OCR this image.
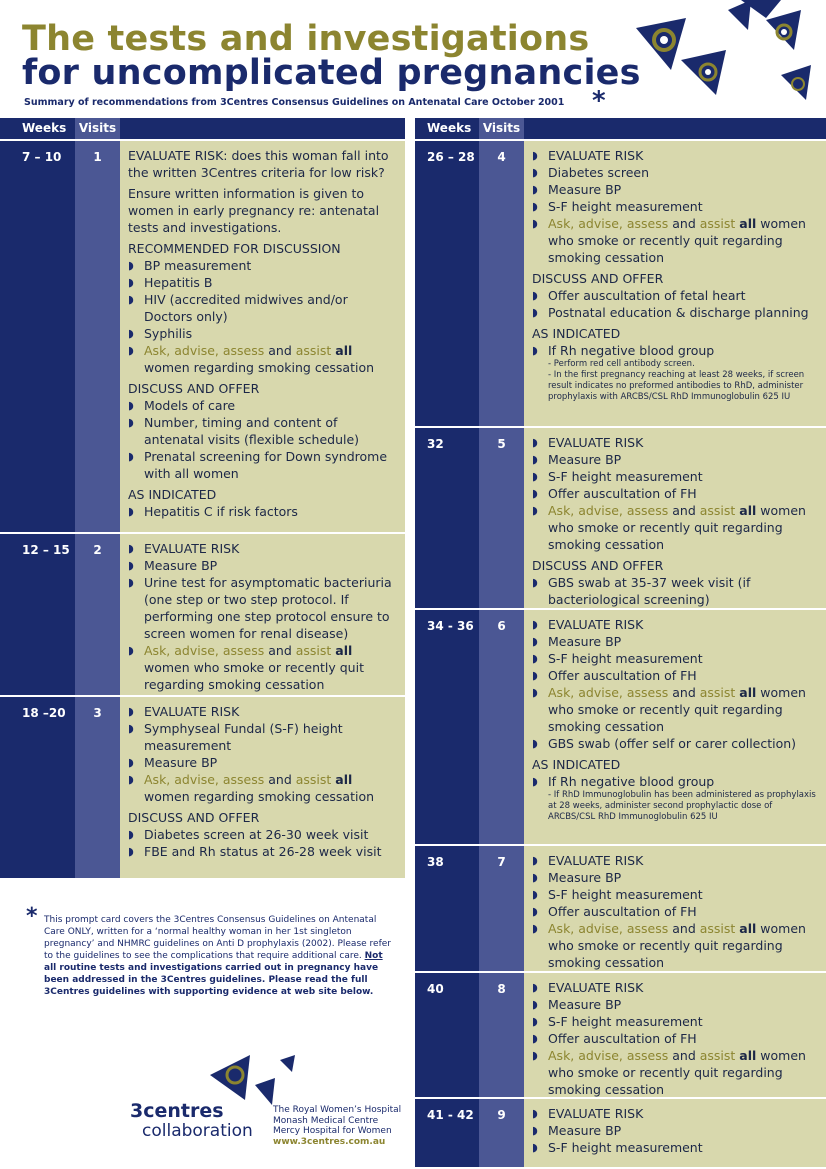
The tests and investigations
for uncomplicated pregnancies
Summary of recommendations from 3Centres Consensus Guidelines on Antenatal Care October 2001 *
Weeks	Visits
7 – 10	1	EVALUATE RISK: does this woman fall into the written 3Centres criteria for low risk?
Ensure written information is given to women in early pregnancy re: antenatal tests and investigations.
RECOMMENDED FOR DISCUSSION
◗ BP measurement
◗ Hepatitis B
◗ HIV (accredited midwives and/or Doctors only)
◗ Syphilis
◗ Ask, advise, assess and assist all women regarding smoking cessation
DISCUSS AND OFFER
◗ Models of care
◗ Number, timing and content of antenatal visits (flexible schedule)
◗ Prenatal screening for Down syndrome with all women
AS INDICATED
◗ Hepatitis C if risk factors
12 – 15	2	◗ EVALUATE RISK
◗ Measure BP
◗ Urine test for asymptomatic bacteriuria (one step or two step protocol. If performing one step protocol ensure to screen women for renal disease)
◗ Ask, advise, assess and assist all women who smoke or recently quit regarding smoking cessation
18 –20	3	◗ EVALUATE RISK
◗ Symphyseal Fundal (S-F) height measurement
◗ Measure BP
◗ Ask, advise, assess and assist all women regarding smoking cessation
DISCUSS AND OFFER
◗ Diabetes screen at 26-30 week visit
◗ FBE and Rh status at 26-28 week visit
Weeks Visits
26 – 28	4	◗ EVALUATE RISK
◗ Diabetes screen
◗ Measure BP
◗ S-F height measurement
◗ Ask, advise, assess and assist all women who smoke or recently quit regarding smoking cessation
DISCUSS AND OFFER
◗ Offer auscultation of fetal heart
◗ Postnatal education & discharge planning
AS INDICATED
◗ If Rh negative blood group
- Perform red cell antibody screen.
- In the first pregnancy reaching at least 28 weeks, if screen result indicates no preformed antibodies to RhD, administer prophylaxis with ARCBS/CSL RhD Immunoglobulin 625 IU
32	5	◗ EVALUATE RISK
◗ Measure BP
◗ S-F height measurement
◗ Offer auscultation of FH
◗ Ask, advise, assess and assist all women who smoke or recently quit regarding smoking cessation
DISCUSS AND OFFER
◗ GBS swab at 35-37 week visit (if bacteriological screening)
34 - 36	6	◗ EVALUATE RISK
◗ Measure BP
◗ S-F height measurement
◗ Offer auscultation of FH
◗ Ask, advise, assess and assist all women who smoke or recently quit regarding smoking cessation
◗ GBS swab (offer self or carer collection)
AS INDICATED
◗ If Rh negative blood group
- If RhD Immunoglobulin has been administered as prophylaxis at 28 weeks, administer second prophylactic dose of ARCBS/CSL RhD Immunoglobulin 625 IU
38	7	◗ EVALUATE RISK
◗ Measure BP
◗ S-F height measurement
◗ Offer auscultation of FH
◗ Ask, advise, assess and assist all women who smoke or recently quit regarding smoking cessation
40	8	◗ EVALUATE RISK
◗ Measure BP
◗ S-F height measurement
◗ Offer auscultation of FH
◗ Ask, advise, assess and assist all women who smoke or recently quit regarding smoking cessation
41 - 42	9	◗ EVALUATE RISK
◗ Measure BP
◗ S-F height measurement
* This prompt card covers the 3Centres Consensus Guidelines on Antenatal Care ONLY, written for a ‘normal healthy woman in her 1st singleton pregnancy’ and NHMRC guidelines on Anti D prophylaxis (2002). Please refer to the guidelines to see the complications that require additional care. Not all routine tests and investigations carried out in pregnancy have been addressed in the 3Centres guidelines. Please read the full 3Centres guidelines with supporting evidence at web site below.
3centres
collaboration
The Royal Women’s Hospital
Monash Medical Centre
Mercy Hospital for Women
www.3centres.com.au
